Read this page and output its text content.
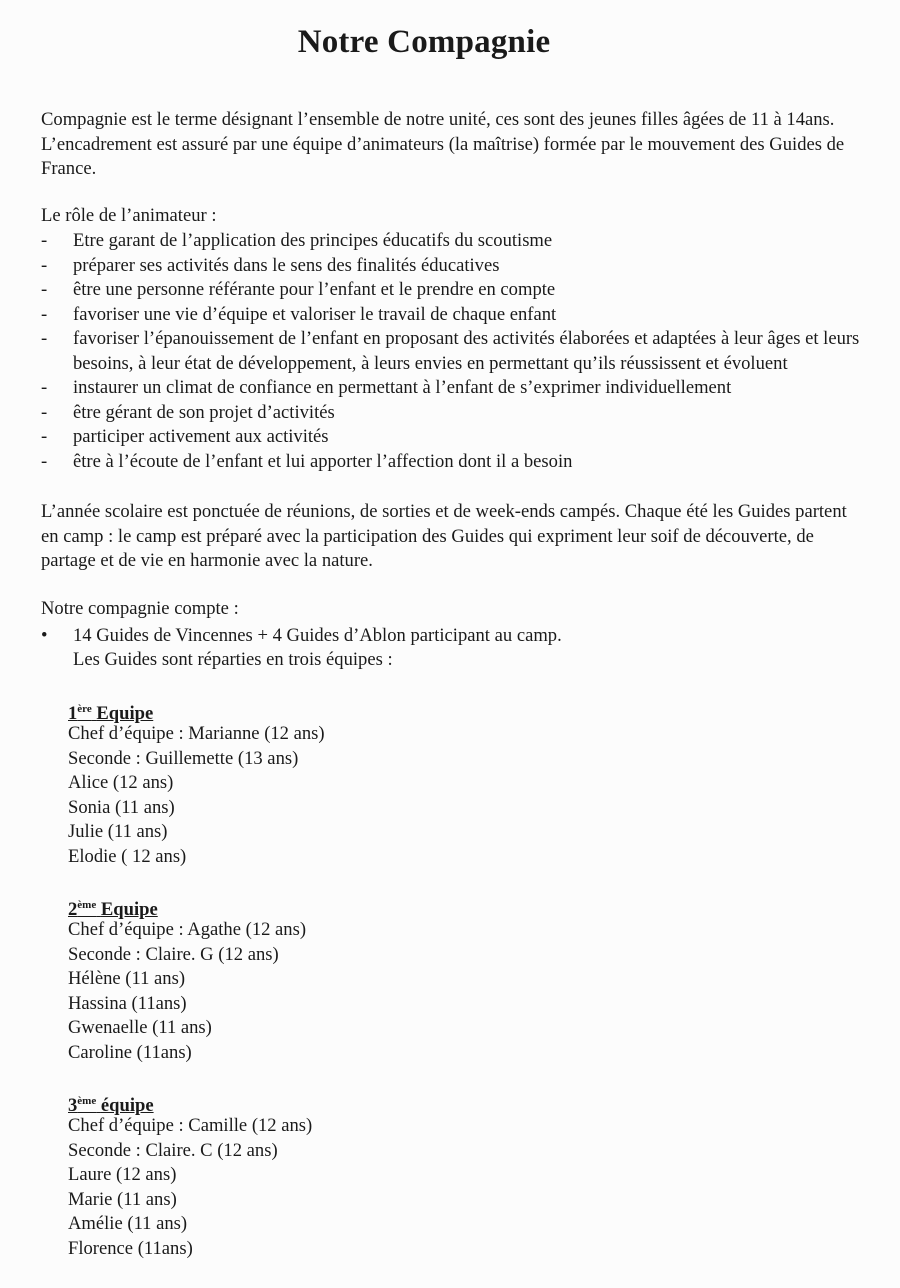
Notre Compagnie

Compagnie est le terme désignant l’ensemble de notre unité, ces sont des jeunes filles âgées de 11 à 14ans. L’encadrement est assuré par une équipe d’animateurs (la maîtrise) formée par le mouvement des Guides de France.

Le rôle de l’animateur :

- Etre garant de l’application des principes éducatifs du scoutisme
- préparer ses activités dans le sens des finalités éducatives
- être une personne référante pour l’enfant et le prendre en compte
- favoriser une vie d’équipe et valoriser le travail de chaque enfant
- favoriser l’épanouissement de l’enfant en proposant des activités élaborées et adaptées à leur âges et leurs besoins, à leur état de développement, à leurs envies en permettant qu’ils réussissent et évoluent
- instaurer un climat de confiance en permettant à l’enfant de s’exprimer individuellement
- être gérant de son projet d’activités
- participer activement aux activités
- être à l’écoute de l’enfant et lui apporter l’affection dont il a besoin

L’année scolaire est ponctuée de réunions, de sorties et de week-ends campés. Chaque été les Guides partent en camp : le camp est préparé avec la participation des Guides qui expriment leur soif de découverte, de partage et de vie en harmonie avec la nature.

Notre compagnie compte :

• 14 Guides de Vincennes + 4 Guides d’Ablon participant au camp.
Les Guides sont réparties en trois équipes :
1ère Equipe
Chef d’équipe : Marianne (12 ans)
Seconde : Guillemette (13 ans)
Alice (12 ans)
Sonia (11 ans)
Julie (11 ans)
Elodie ( 12 ans)
2ème Equipe
Chef d’équipe : Agathe (12 ans)
Seconde : Claire. G (12 ans)
Hélène (11 ans)
Hassina (11ans)
Gwenaelle (11 ans)
Caroline (11ans)
3ème équipe
Chef d’équipe : Camille (12 ans)
Seconde : Claire. C (12 ans)
Laure (12 ans)
Marie (11 ans)
Amélie (11 ans)
Florence (11ans)
